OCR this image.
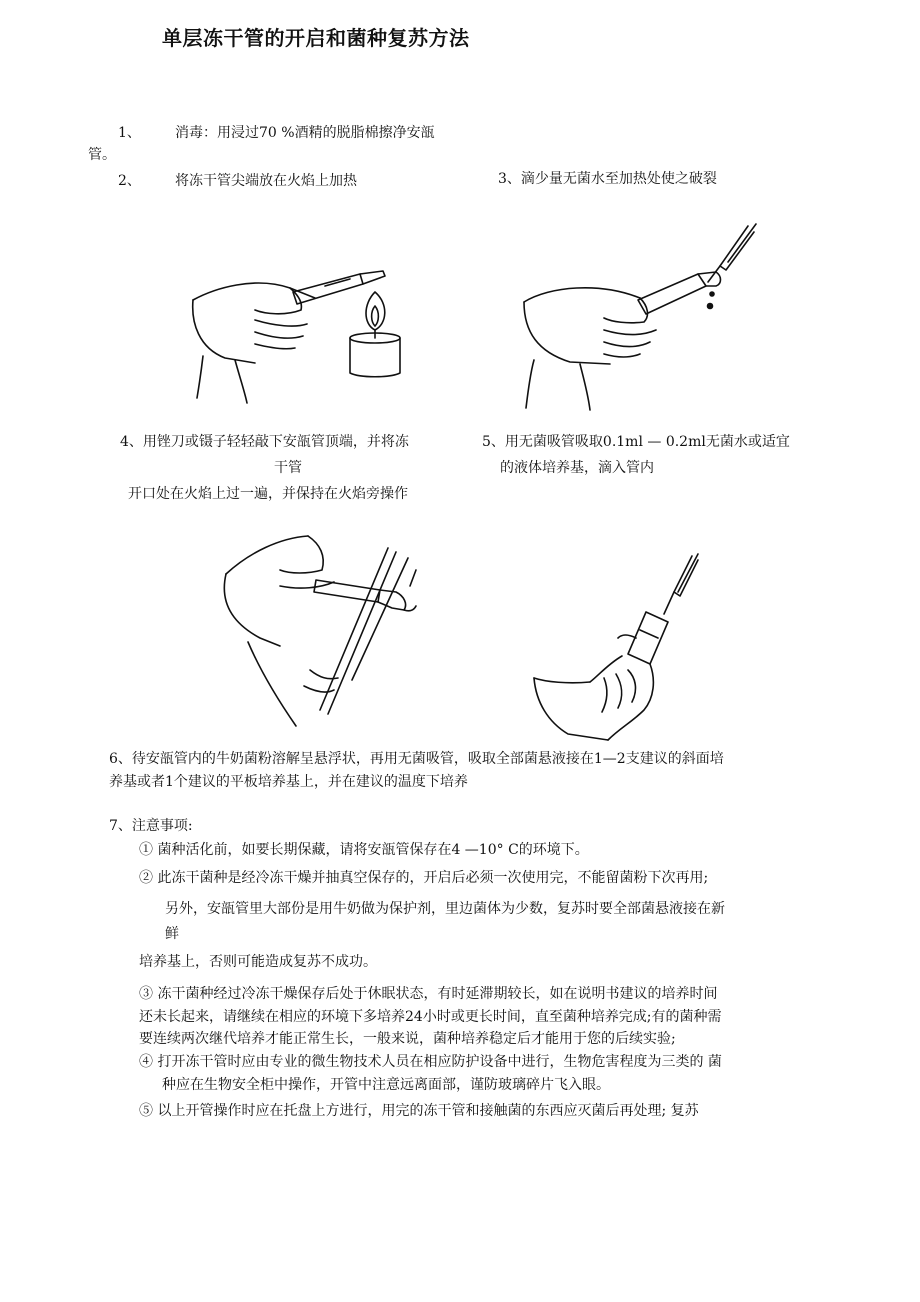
单层冻干管的开启和菌种复苏方法
1、 消毒：用浸过70 %酒精的脱脂棉擦净安瓿
管。
2、 将冻干管尖端放在火焰上加热	3、滴少量无菌水至加热处使之破裂
4、用锉刀或镊子轻轻敲下安瓿管顶端，并将冻
干管
开口处在火焰上过一遍，并保持在火焰旁操作
5、用无菌吸管吸取0.1ml — 0.2ml无菌水或适宜
的液体培养基，滴入管内
6、待安瓿管内的牛奶菌粉溶解呈悬浮状，再用无菌吸管，吸取全部菌悬液接在1—2支建议的斜面培
养基或者1个建议的平板培养基上，并在建议的温度下培养
7、注意事项:
① 菌种活化前，如要长期保藏，请将安瓿管保存在4 —10° C的环境下。
② 此冻干菌种是经冷冻干燥并抽真空保存的，开启后必须一次使用完，不能留菌粉下次再用;
另外，安瓿管里大部份是用牛奶做为保护剂，里边菌体为少数，复苏时要全部菌悬液接在新
鲜
培养基上，否则可能造成复苏不成功。
③ 冻干菌种经过冷冻干燥保存后处于休眠状态，有时延滞期较长，如在说明书建议的培养时间
还未长起来，请继续在相应的环境下多培养24小时或更长时间，直至菌种培养完成;有的菌种需
要连续两次继代培养才能正常生长，一般来说，菌种培养稳定后才能用于您的后续实验;
④ 打开冻干管时应由专业的微生物技术人员在相应防护设备中进行，生物危害程度为三类的 菌
种应在生物安全柜中操作，开管中注意远离面部，谨防玻璃碎片飞入眼。
⑤ 以上开管操作时应在托盘上方进行，用完的冻干管和接触菌的东西应灭菌后再处理; 复苏
